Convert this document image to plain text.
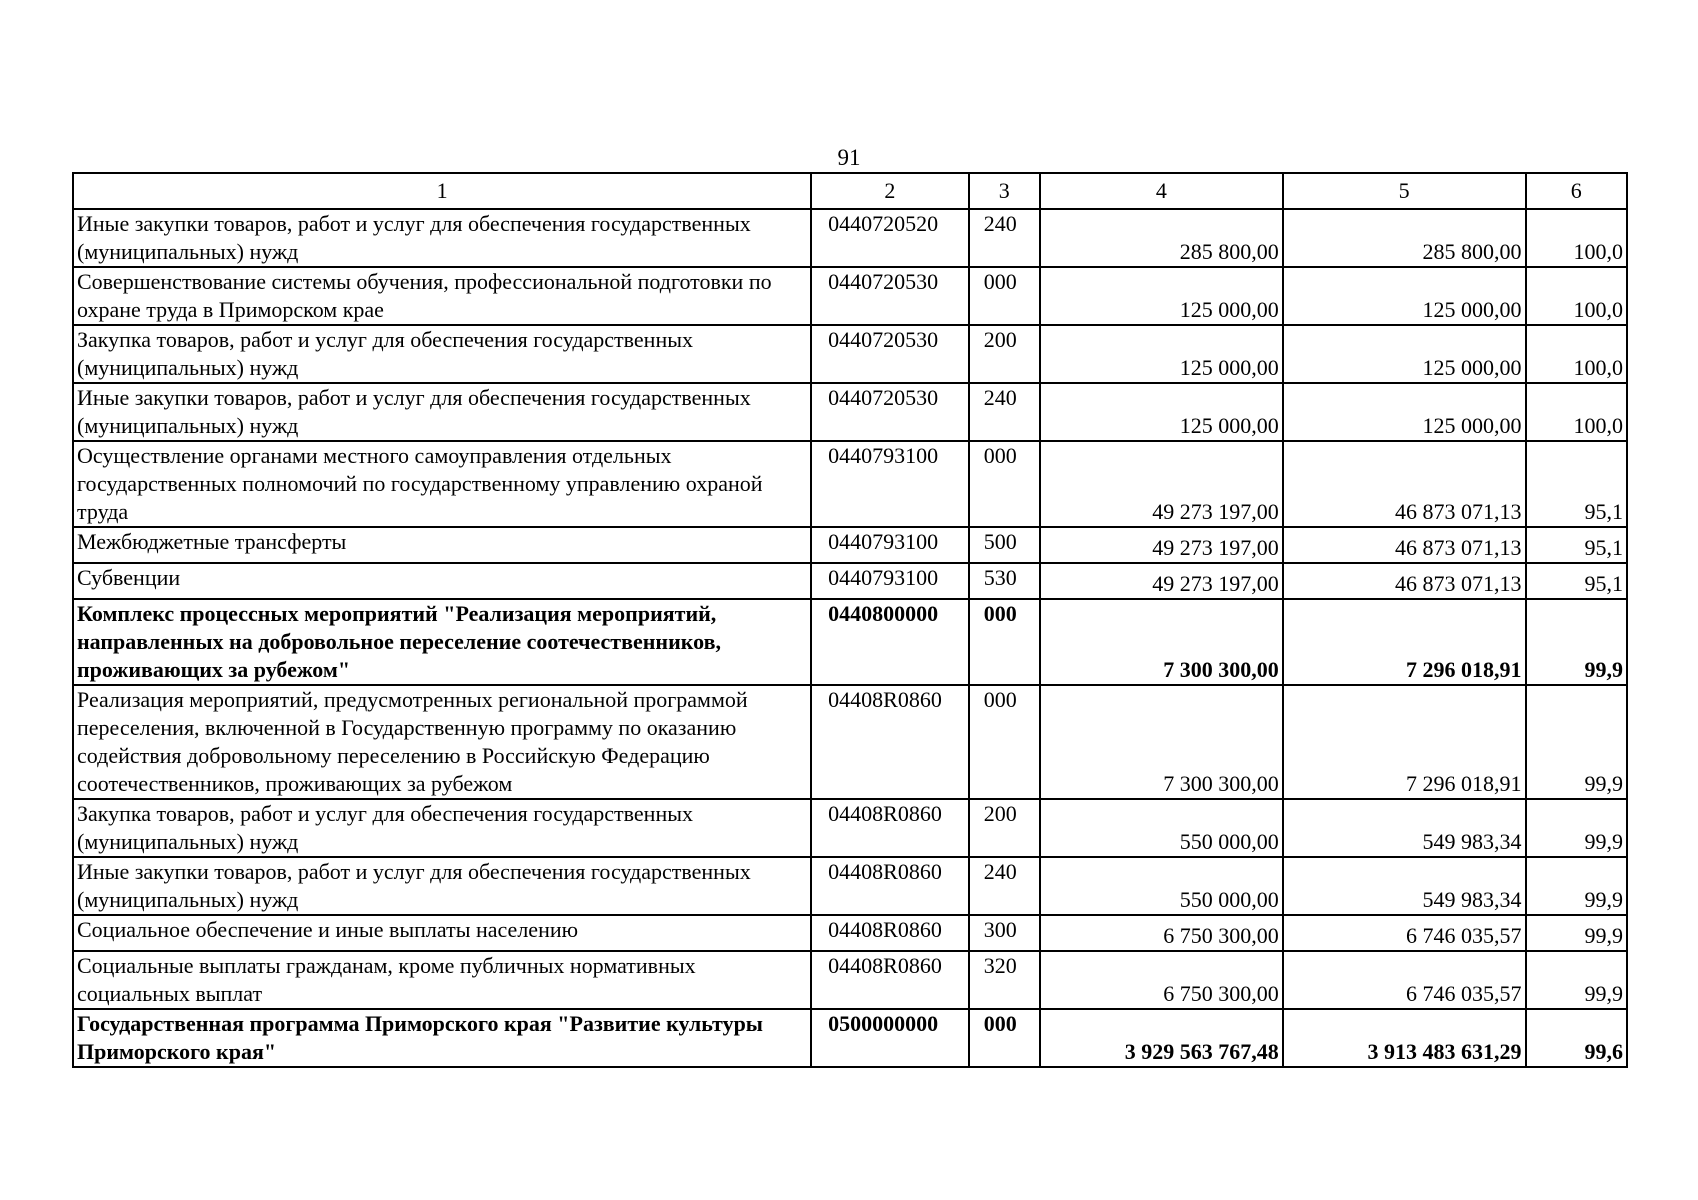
91
1	2	3	4	5	6
Иные закупки товаров, работ и услуг для обеспечения государственных (муниципальных) нужд	0440720520	240	285 800,00	285 800,00	100,0
Совершенствование системы обучения, профессиональной подготовки по охране труда в Приморском крае	0440720530	000	125 000,00	125 000,00	100,0
Закупка товаров, работ и услуг для обеспечения государственных (муниципальных) нужд	0440720530	200	125 000,00	125 000,00	100,0
Иные закупки товаров, работ и услуг для обеспечения государственных (муниципальных) нужд	0440720530	240	125 000,00	125 000,00	100,0
Осуществление органами местного самоуправления отдельных государственных полномочий по государственному управлению охраной труда	0440793100	000	49 273 197,00	46 873 071,13	95,1
Межбюджетные трансферты	0440793100	500	49 273 197,00	46 873 071,13	95,1
Субвенции	0440793100	530	49 273 197,00	46 873 071,13	95,1
Комплекс процессных мероприятий "Реализация мероприятий, направленных на добровольное переселение соотечественников, проживающих за рубежом"	0440800000	000	7 300 300,00	7 296 018,91	99,9
Реализация мероприятий, предусмотренных региональной программой переселения, включенной в Государственную программу по оказанию содействия добровольному переселению в Российскую Федерацию соотечественников, проживающих за рубежом	04408R0860	000	7 300 300,00	7 296 018,91	99,9
Закупка товаров, работ и услуг для обеспечения государственных (муниципальных) нужд	04408R0860	200	550 000,00	549 983,34	99,9
Иные закупки товаров, работ и услуг для обеспечения государственных (муниципальных) нужд	04408R0860	240	550 000,00	549 983,34	99,9
Социальное обеспечение и иные выплаты населению	04408R0860	300	6 750 300,00	6 746 035,57	99,9
Социальные выплаты гражданам, кроме публичных нормативных социальных выплат	04408R0860	320	6 750 300,00	6 746 035,57	99,9
Государственная программа Приморского края "Развитие культуры Приморского края"	0500000000	000	3 929 563 767,48	3 913 483 631,29	99,6
